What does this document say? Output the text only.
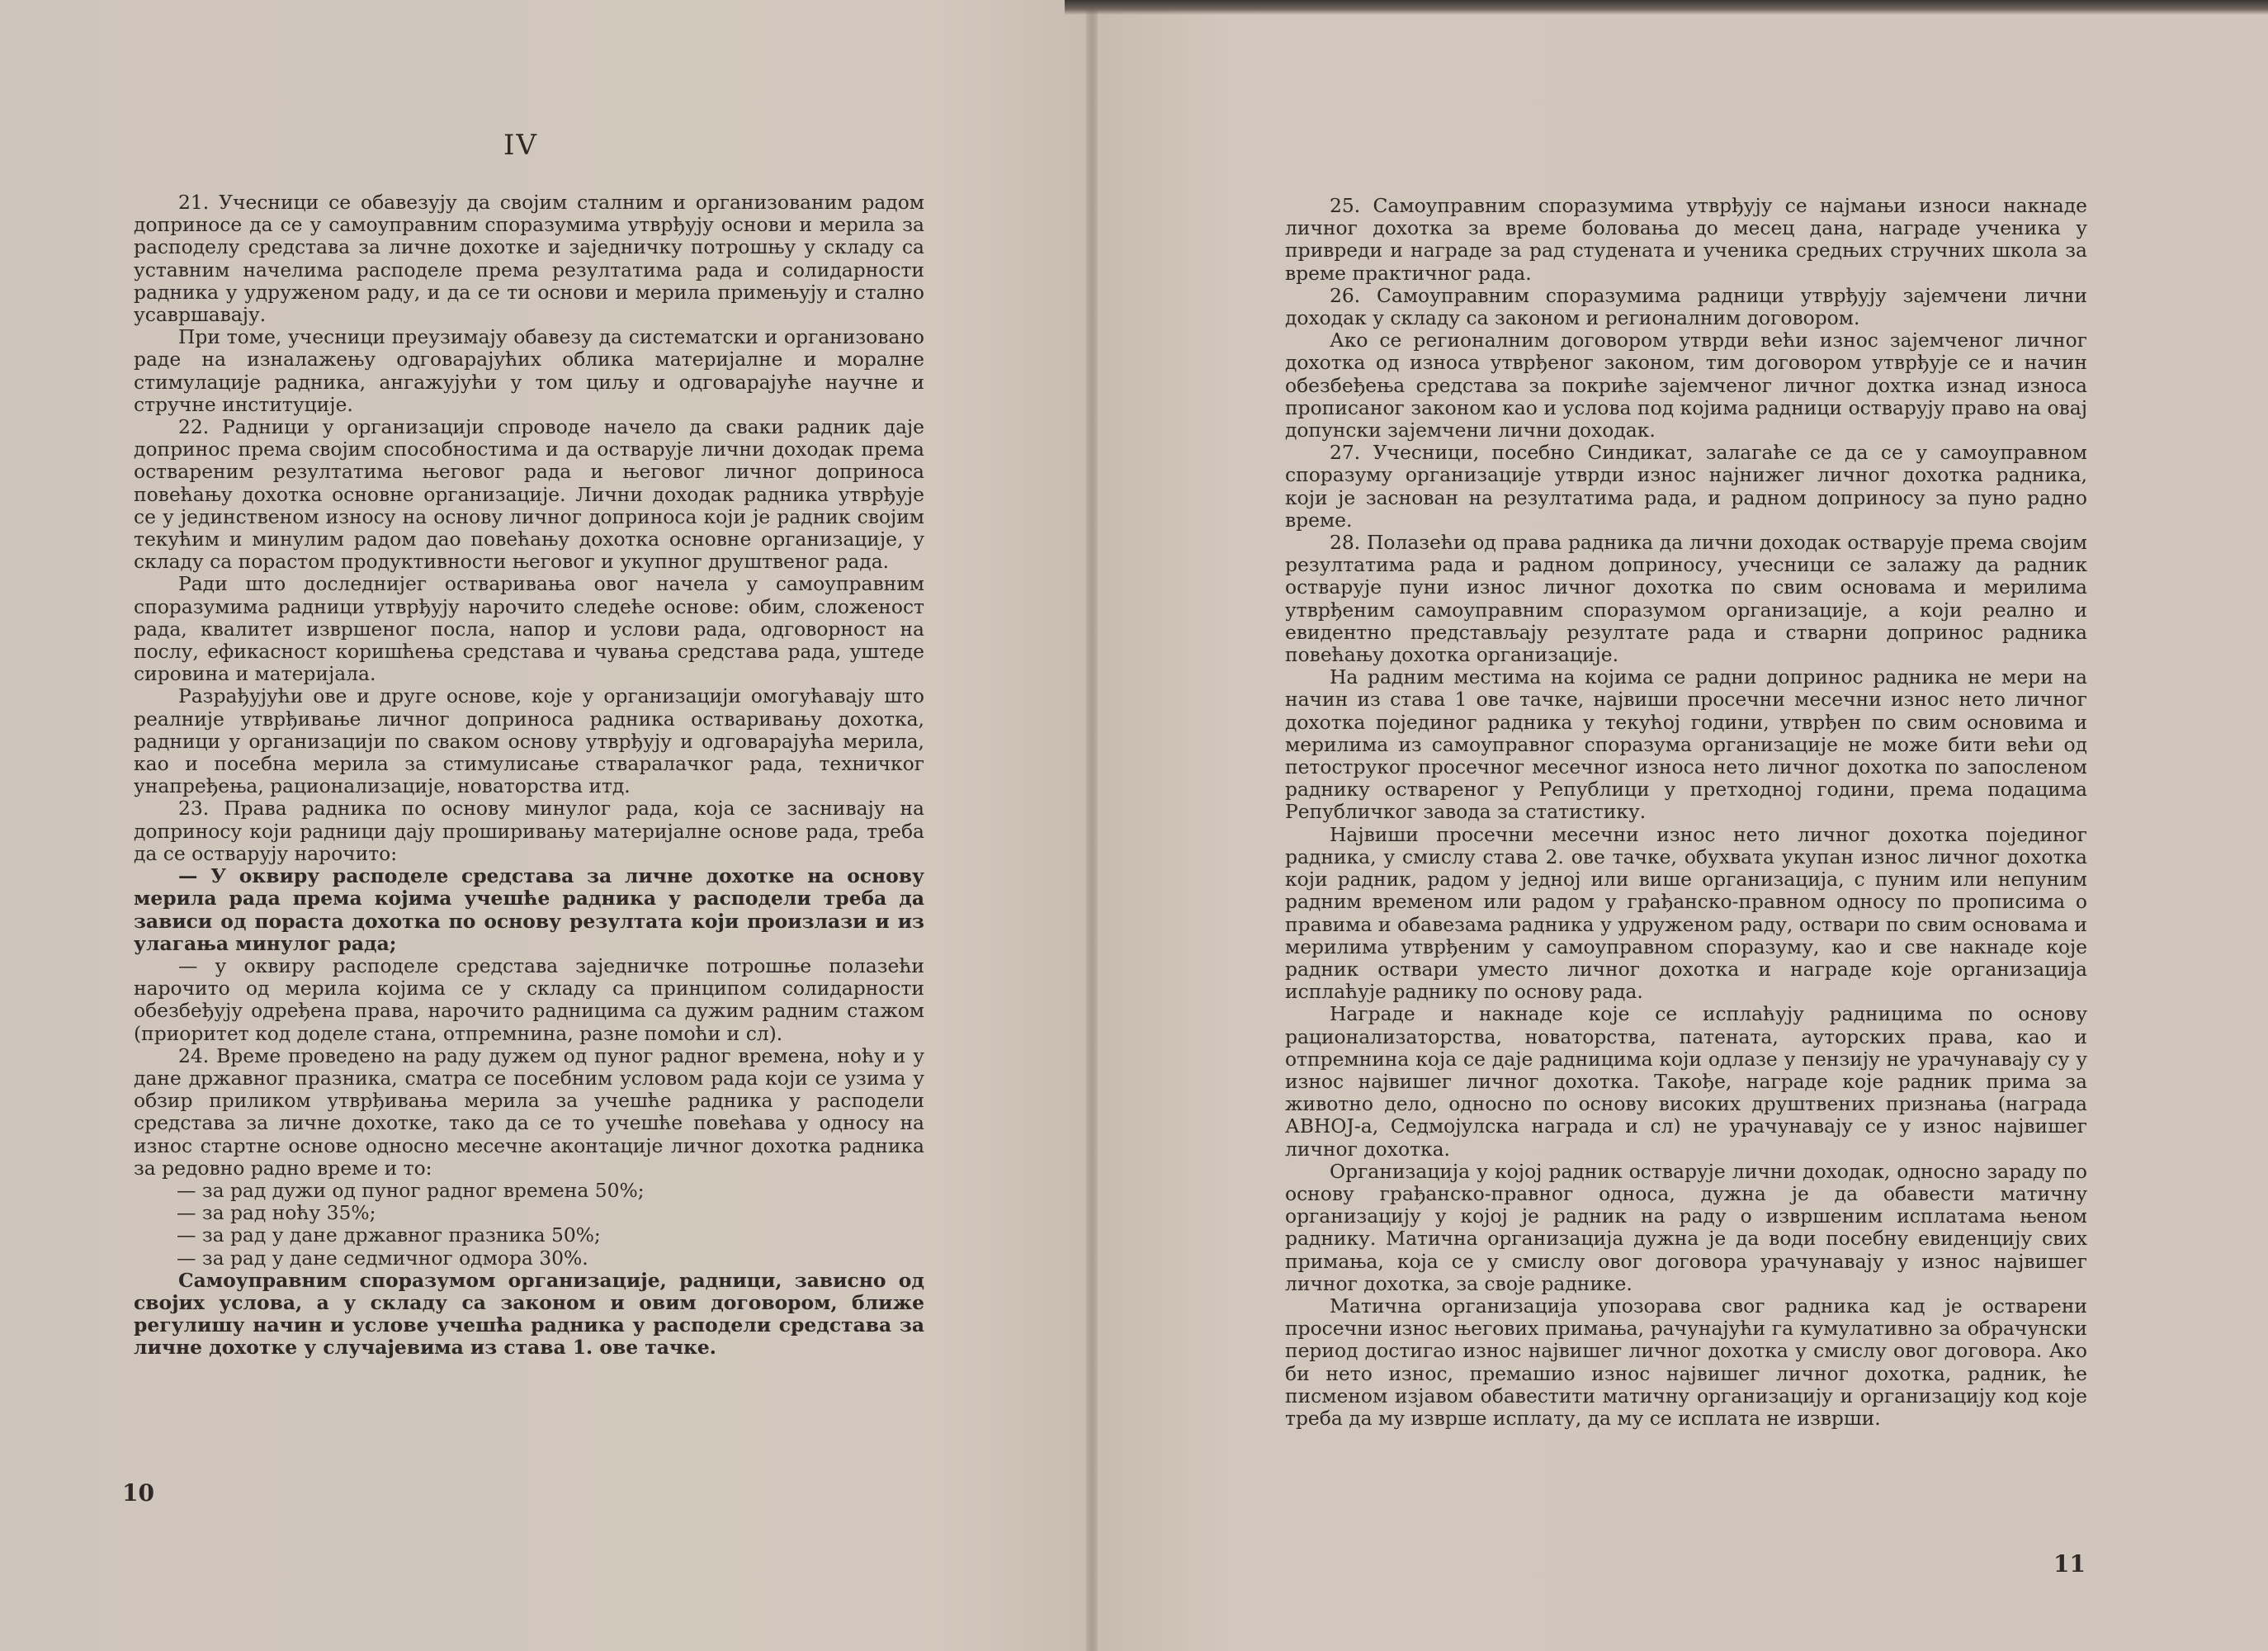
IV

21. Учесници се обавезују да својим сталним и организованим радом доприносе да се у самоуправним споразумима утврђују основи и мерила за расподелу средстава за личне дохотке и заједничку потрошњу у складу са уставним начелима расподеле према резултатима рада и солидарности радника у удруженом раду, и да се ти основи и мерила примењују и стално усавршавају.

При томе, учесници преузимају обавезу да систематски и организовано раде на изналажењу одговарајућих облика материјалне и моралне стимулације радника, ангажујући у том циљу и одговарајуће научне и стручне институције.

22. Радници у организацији спроводе начело да сваки радник даје допринос према својим способностима и да остварује лични доходак према оствареним резултатима његовог рада и његовог личног доприноса повећању дохотка основне организације. Лични доходак радника утврђује се у јединственом износу на основу личног доприноса који је радник својим текућим и минулим радом дао повећању дохотка основне организације, у складу са порастом продуктивности његовог и укупног друштвеног рада.

Ради што доследнијег остваривања овог начела у самоуправним споразумима радници утврђују нарочито следеће основе: обим, сложеност рада, квалитет извршеног посла, напор и услови рада, одговорност на послу, ефикасност коришћења средстава и чувања средстава рада, уштеде сировина и материјала.

Разрађујући ове и друге основе, које у организацији омогућавају што реалније утврђивање личног доприноса радника остваривању дохотка, радници у организацији по сваком основу утврђују и одговарајућа мерила, као и посебна мерила за стимулисање стваралачког рада, техничког унапређења, рационализације, новаторства итд.

23. Права радника по основу минулог рада, која се заснивају на доприносу који радници дају проширивању материјалне основе рада, треба да се остварују нарочито:

— У оквиру расподеле средстава за личне дохотке на основу мерила рада према којима учешће радника у расподели треба да зависи од пораста дохотка по основу резултата који произлази и из улагања минулог рада;

— у оквиру расподеле средстава заједничке потрошње полазећи нарочито од мерила којима се у складу са принципом солидарности обезбеђују одређена права, нарочито радницима са дужим радним стажом (приоритет код доделе стана, отпремнина, разне помоћи и сл).

24. Време проведено на раду дужем од пуног радног времена, ноћу и у дане државног празника, сматра се посебним условом рада који се узима у обзир приликом утврђивања мерила за учешће радника у расподели средстава за личне дохотке, тако да се то учешће повећава у односу на износ стартне основе односно месечне аконтације личног дохотка радника за редовно радно време и то:

— за рад дужи од пуног радног времена 50%;

— за рад ноћу 35%;

— за рад у дане државног празника 50%;

— за рад у дане седмичног одмора 30%.

Самоуправним споразумом организације, радници, зависно од својих услова, а у складу са законом и овим договором, ближе регулишу начин и услове учешћа радника у расподели средстава за личне дохотке у случајевима из става 1. ове тачке.

10

25. Самоуправним споразумима утврђују се најмањи износи накнаде личног дохотка за време боловања до месец дана, награде ученика у привреди и награде за рад студената и ученика средњих стручних школа за време практичног рада.

26. Самоуправним споразумима радници утврђују зајемчени лични доходак у складу са законом и регионалним договором.

Ако се регионалним договором утврди већи износ зајемченог личног дохотка од износа утврђеног законом, тим договором утврђује се и начин обезбеђења средстава за покриће зајемченог личног дохтка изнад износа прописаног законом као и услова под којима радници остварују право на овај допунски зајемчени лични доходак.

27. Учесници, посебно Синдикат, залагаће се да се у самоуправном споразуму организације утврди износ најнижег личног дохотка радника, који је заснован на резултатима рада, и радном доприносу за пуно радно време.

28. Полазећи од права радника да лични доходак остварује према својим резултатима рада и радном доприносу, учесници се залажу да радник остварује пуни износ личног дохотка по свим основама и мерилима утврђеним самоуправним споразумом организације, а који реално и евидентно представљају резултате рада и стварни допринос радника повећању дохотка организације.

На радним местима на којима се радни допринос радника не мери на начин из става 1 ове тачке, највиши просечни месечни износ нето личног дохотка појединог радника у текућој години, утврђен по свим основима и мерилима из самоуправног споразума организације не може бити већи од петоструког просечног месечног износа нето личног дохотка по запосленом раднику оствареног у Републици у претходној години, према подацима Републичког завода за статистику.

Највиши просечни месечни износ нето личног дохотка појединог радника, у смислу става 2. ове тачке, обухвата укупан износ личног дохотка који радник, радом у једној или више организација, с пуним или непуним радним временом или радом у грађанско-правном односу по прописима о правима и обавезама радника у удруженом раду, оствари по свим основама и мерилима утврђеним у самоуправном споразуму, као и све накнаде које радник оствари уместо личног дохотка и награде које организација исплаћује раднику по основу рада.

Награде и накнаде које се исплаћују радницима по основу рационализаторства, новаторства, патената, ауторских права, као и отпремнина која се даје радницима који одлазе у пензију не урачунавају су у износ највишег личног дохотка. Такође, награде које радник прима за животно дело, односно по основу високих друштвених признања (награда АВНОЈ-а, Седмојулска награда и сл) не урачунавају се у износ највишег личног дохотка.

Организација у којој радник остварује лични доходак, односно зараду по основу грађанско-правног односа, дужна је да обавести матичну организацију у којој је радник на раду о извршеним исплатама њеном раднику. Матична организација дужна је да води посебну евиденцију свих примања, која се у смислу овог договора урачунавају у износ највишег личног дохотка, за своје раднике.

Матична организација упозорава свог радника кад је остварени просечни износ његових примања, рачунајући га кумулативно за обрачунски период достигао износ највишег личног дохотка у смислу овог договора. Ако би нето износ, премашио износ највишег личног дохотка, радник, ће писменом изјавом обавестити матичну организацију и организацију код које треба да му изврше исплату, да му се исплата не изврши.

11
